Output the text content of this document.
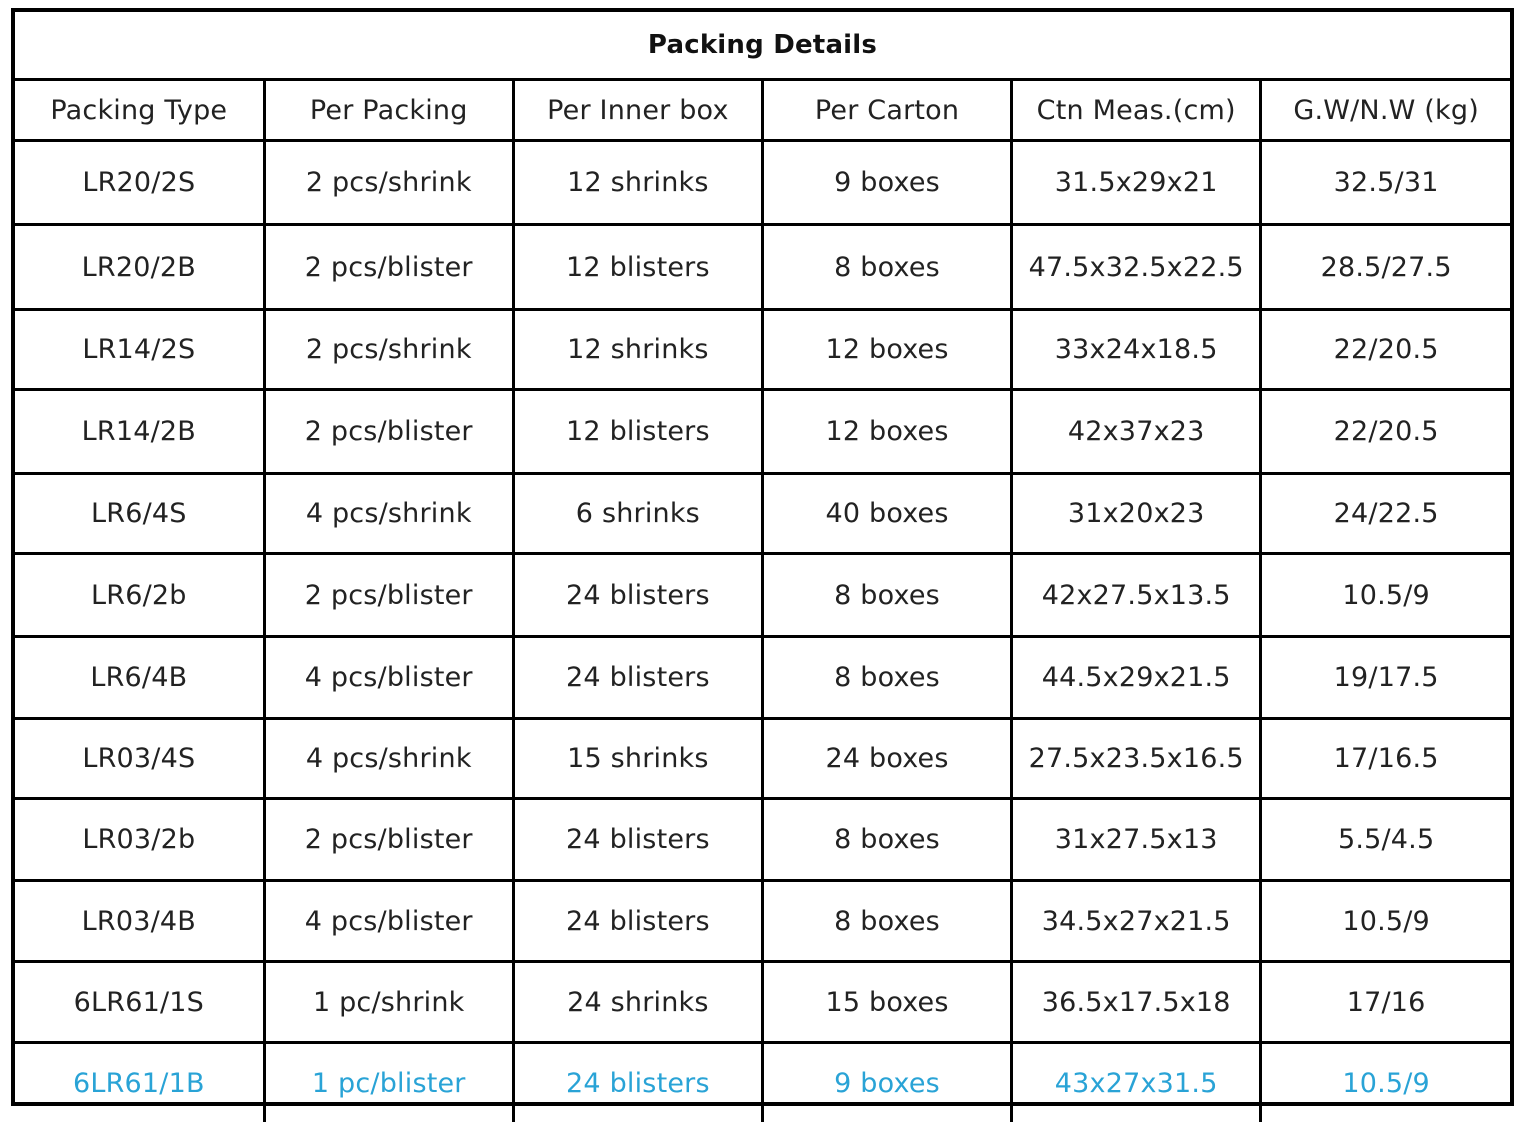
Packing Details					
Packing Type	Per Packing	Per Inner box	Per Carton	Ctn Meas.(cm)	G.W/N.W (kg)
LR20/2S	2 pcs/shrink	12 shrinks	9 boxes	31.5x29x21	32.5/31
LR20/2B	2 pcs/blister	12 blisters	8 boxes	47.5x32.5x22.5	28.5/27.5
LR14/2S	2 pcs/shrink	12 shrinks	12 boxes	33x24x18.5	22/20.5
LR14/2B	2 pcs/blister	12 blisters	12 boxes	42x37x23	22/20.5
LR6/4S	4 pcs/shrink	6 shrinks	40 boxes	31x20x23	24/22.5
LR6/2b	2 pcs/blister	24 blisters	8 boxes	42x27.5x13.5	10.5/9
LR6/4B	4 pcs/blister	24 blisters	8 boxes	44.5x29x21.5	19/17.5
LR03/4S	4 pcs/shrink	15 shrinks	24 boxes	27.5x23.5x16.5	17/16.5
LR03/2b	2 pcs/blister	24 blisters	8 boxes	31x27.5x13	5.5/4.5
LR03/4B	4 pcs/blister	24 blisters	8 boxes	34.5x27x21.5	10.5/9
6LR61/1S	1 pc/shrink	24 shrinks	15 boxes	36.5x17.5x18	17/16
6LR61/1B	1 pc/blister	24 blisters	9 boxes	43x27x31.5	10.5/9
